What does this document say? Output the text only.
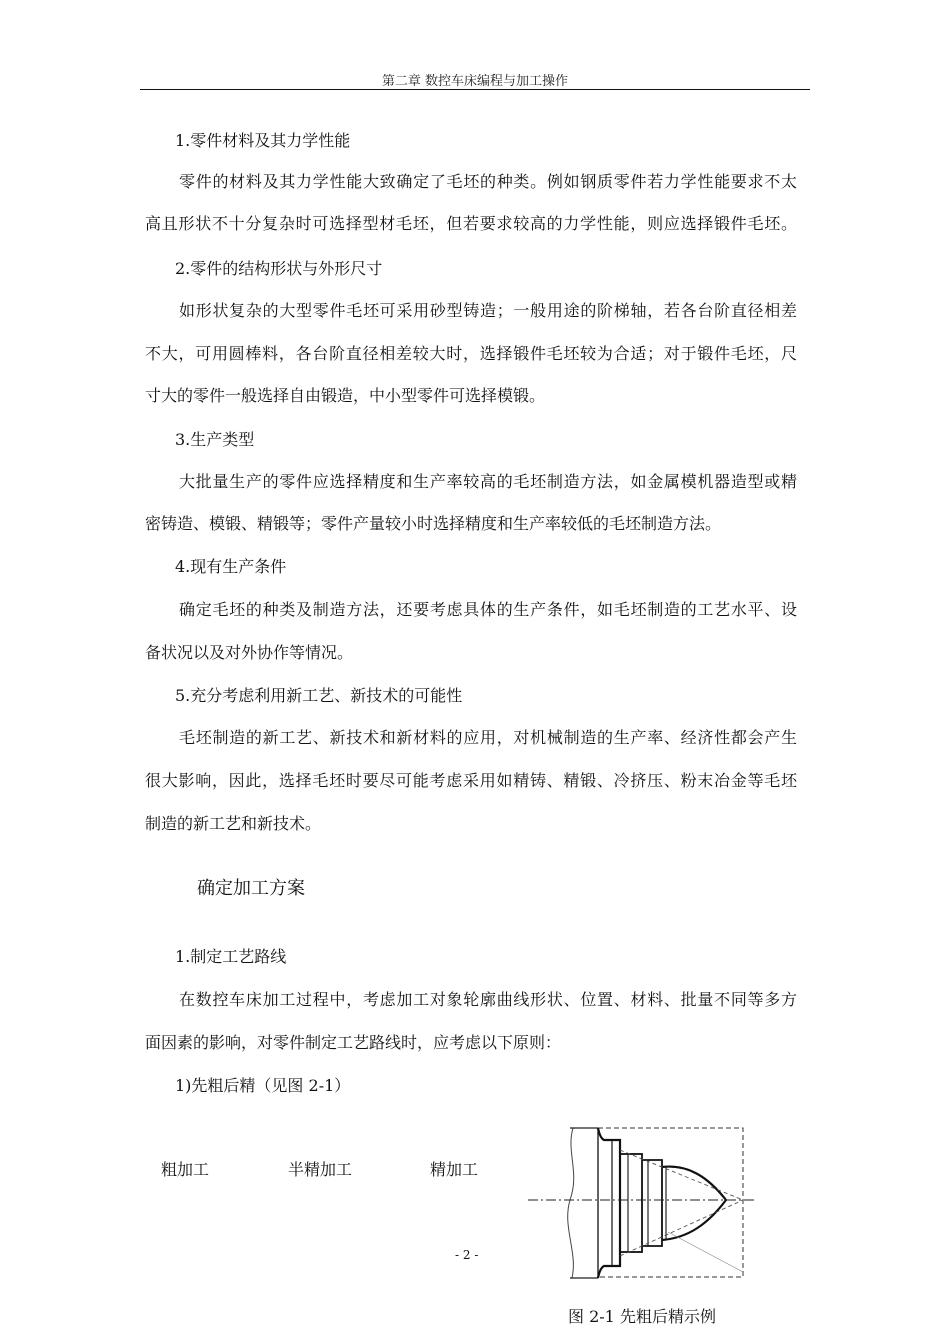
第二章 数控车床编程与加工操作
1.零件材料及其力学性能
零件的材料及其力学性能大致确定了毛坯的种类。例如钢质零件若力学性能要求不太
高且形状不十分复杂时可选择型材毛坯，但若要求较高的力学性能，则应选择锻件毛坯。
2.零件的结构形状与外形尺寸
如形状复杂的大型零件毛坯可采用砂型铸造；一般用途的阶梯轴，若各台阶直径相差
不大，可用圆棒料，各台阶直径相差较大时，选择锻件毛坯较为合适；对于锻件毛坯，尺
寸大的零件一般选择自由锻造，中小型零件可选择模锻。
3.生产类型
大批量生产的零件应选择精度和生产率较高的毛坯制造方法，如金属模机器造型或精
密铸造、模锻、精锻等；零件产量较小时选择精度和生产率较低的毛坯制造方法。
4.现有生产条件
确定毛坯的种类及制造方法，还要考虑具体的生产条件，如毛坯制造的工艺水平、设
备状况以及对外协作等情况。
5.充分考虑利用新工艺、新技术的可能性
毛坯制造的新工艺、新技术和新材料的应用，对机械制造的生产率、经济性都会产生
很大影响，因此，选择毛坯时要尽可能考虑采用如精铸、精锻、冷挤压、粉末冶金等毛坯
制造的新工艺和新技术。
确定加工方案
1.制定工艺路线
在数控车床加工过程中，考虑加工对象轮廓曲线形状、位置、材料、批量不同等多方
面因素的影响，对零件制定工艺路线时，应考虑以下原则：
1)先粗后精（见图 2-1）
粗加工	半精加工	精加工
- 2 -
图 2-1 先粗后精示例
